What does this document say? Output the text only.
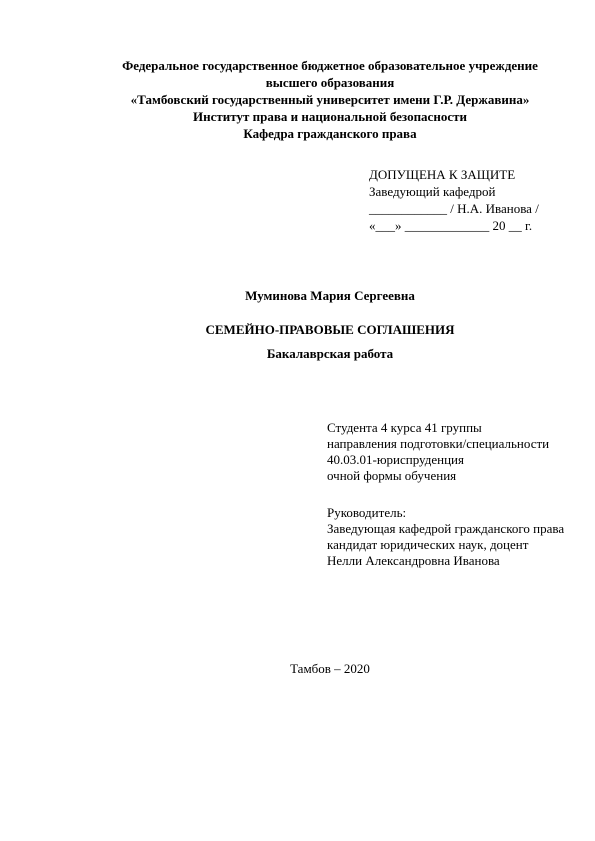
Федеральное государственное бюджетное образовательное учреждение
высшего образования
«Тамбовский государственный университет имени Г.Р. Державина»
Институт права и национальной безопасности
Кафедра гражданского права
ДОПУЩЕНА К ЗАЩИТЕ
Заведующий кафедрой
____________ / Н.А. Иванова /
«___» _____________ 20 __ г.
Муминова Мария Сергеевна
СЕМЕЙНО-ПРАВОВЫЕ СОГЛАШЕНИЯ
Бакалаврская работа
Студента 4 курса 41 группы
направления подготовки/специальности
40.03.01-юриспруденция
очной формы обучения
Руководитель:
Заведующая кафедрой гражданского права
кандидат юридических наук, доцент
Нелли Александровна Иванова
Тамбов – 2020
